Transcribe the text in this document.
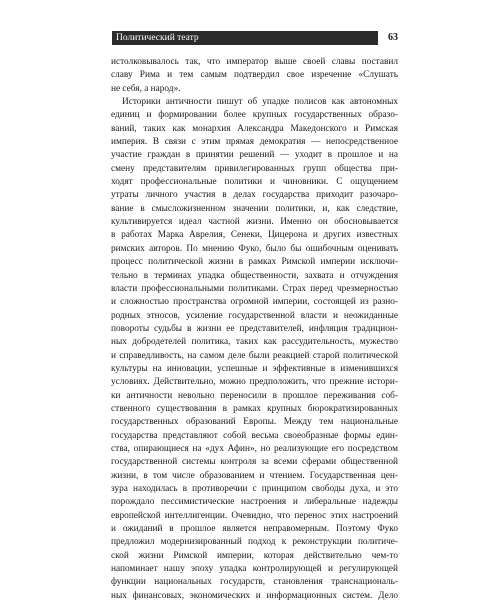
Политический театр	63
истолковывалось так, что император выше своей славы поставил
славу Рима и тем самым подтвердил свое изречение «Слушать
не себя, а народ».
Историки античности пишут об упадке полисов как автономных
единиц и формировании более крупных государственных образо-
ваний, таких как монархия Александра Македонского и Римская
империя. В связи с этим прямая демократия — непосредственное
участие граждан в принятии решений — уходит в прошлое и на
смену представителям привилегированных групп общества при-
ходят профессиональные политики и чиновники. С ощущением
утраты личного участия в делах государства приходит разочаро-
вание в смысложизненном значении политики, и, как следствие,
культивируется идеал частной жизни. Именно он обосновывается
в работах Марка Аврелия, Сенеки, Цицерона и других известных
римских авторов. По мнению Фуко, было бы ошибочным оценивать
процесс политической жизни в рамках Римской империи исключи-
тельно в терминах упадка общественности, захвата и отчуждения
власти профессиональными политиками. Страх перед чрезмерностью
и сложностью пространства огромной империи, состоящей из разно-
родных этносов, усиление государственной власти и неожиданные
повороты судьбы в жизни ее представителей, инфляция традицион-
ных добродетелей политика, таких как рассудительность, мужество
и справедливость, на самом деле были реакцией старой политической
культуры на инновации, успешные и эффективные в изменившихся
условиях. Действительно, можно предположить, что прежние истори-
ки античности невольно переносили в прошлое переживания соб-
ственного существования в рамках крупных бюрократизированных
государственных образований Европы. Между тем национальные
государства представляют собой весьма своеобразные формы един-
ства, опирающиеся на «дух Афин», но реализующие его посредством
государственной системы контроля за всеми сферами общественной
жизни, в том числе образованием и чтением. Государственная цен-
зура находилась в противоречии с принципом свободы духа, и это
порождало пессимистические настроения и либеральные надежды
европейской интеллигенции. Очевидно, что перенос этих настроений
и ожиданий в прошлое является неправомерным. Поэтому Фуко
предложил модернизированный подход к реконструкции политиче-
ской жизни Римской империи, которая действительно чем-то
напоминает нашу эпоху упадка контролирующей и регулирующей
функции национальных государств, становления транснациональ-
ных финансовых, экономических и информационных систем. Дело
